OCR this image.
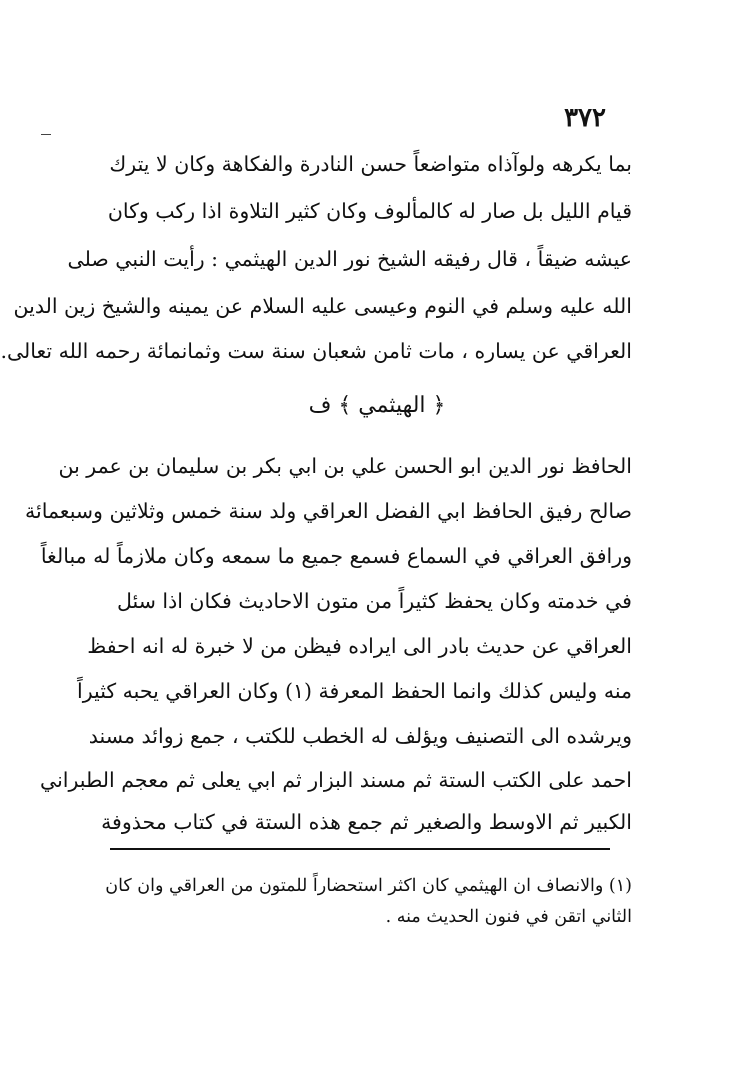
٣٧٢
بما يكرهه ولوآذاه متواضعاً حسن النادرة والفكاهة وكان لا يترك
قيام الليل بل صار له كالمألوف وكان كثير التلاوة اذا ركب وكان
عيشه ضيقاً ، قال رفيقه الشيخ نور الدين الهيثمي : رأيت النبي صلى
الله عليه وسلم في النوم وعيسى عليه السلام عن يمينه والشيخ زين الدين
العراقي عن يساره ، مات ثامن شعبان سنة ست وثمانمائة رحمه الله تعالى.
﴿ الهيثمي ﴾ ف
الحافظ نور الدين ابو الحسن علي بن ابي بكر بن سليمان بن عمر بن
صالح رفيق الحافظ ابي الفضل العراقي ولد سنة خمس وثلاثين وسبعمائة
ورافق العراقي في السماع فسمع جميع ما سمعه وكان ملازماً له مبالغاً
في خدمته وكان يحفظ كثيراً من متون الاحاديث فكان اذا سئل
العراقي عن حديث بادر الى ايراده فيظن من لا خبرة له انه احفظ
منه وليس كذلك وانما الحفظ المعرفة (١) وكان العراقي يحبه كثيراً
ويرشده الى التصنيف ويؤلف له الخطب للكتب ، جمع زوائد مسند
احمد على الكتب الستة ثم مسند البزار ثم ابي يعلى ثم معجم الطبراني
الكبير ثم الاوسط والصغير ثم جمع هذه الستة في كتاب محذوفة
(١) والانصاف ان الهيثمي كان اكثر استحضاراً للمتون من العراقي وان كان
الثاني اتقن في فنون الحديث منه .
